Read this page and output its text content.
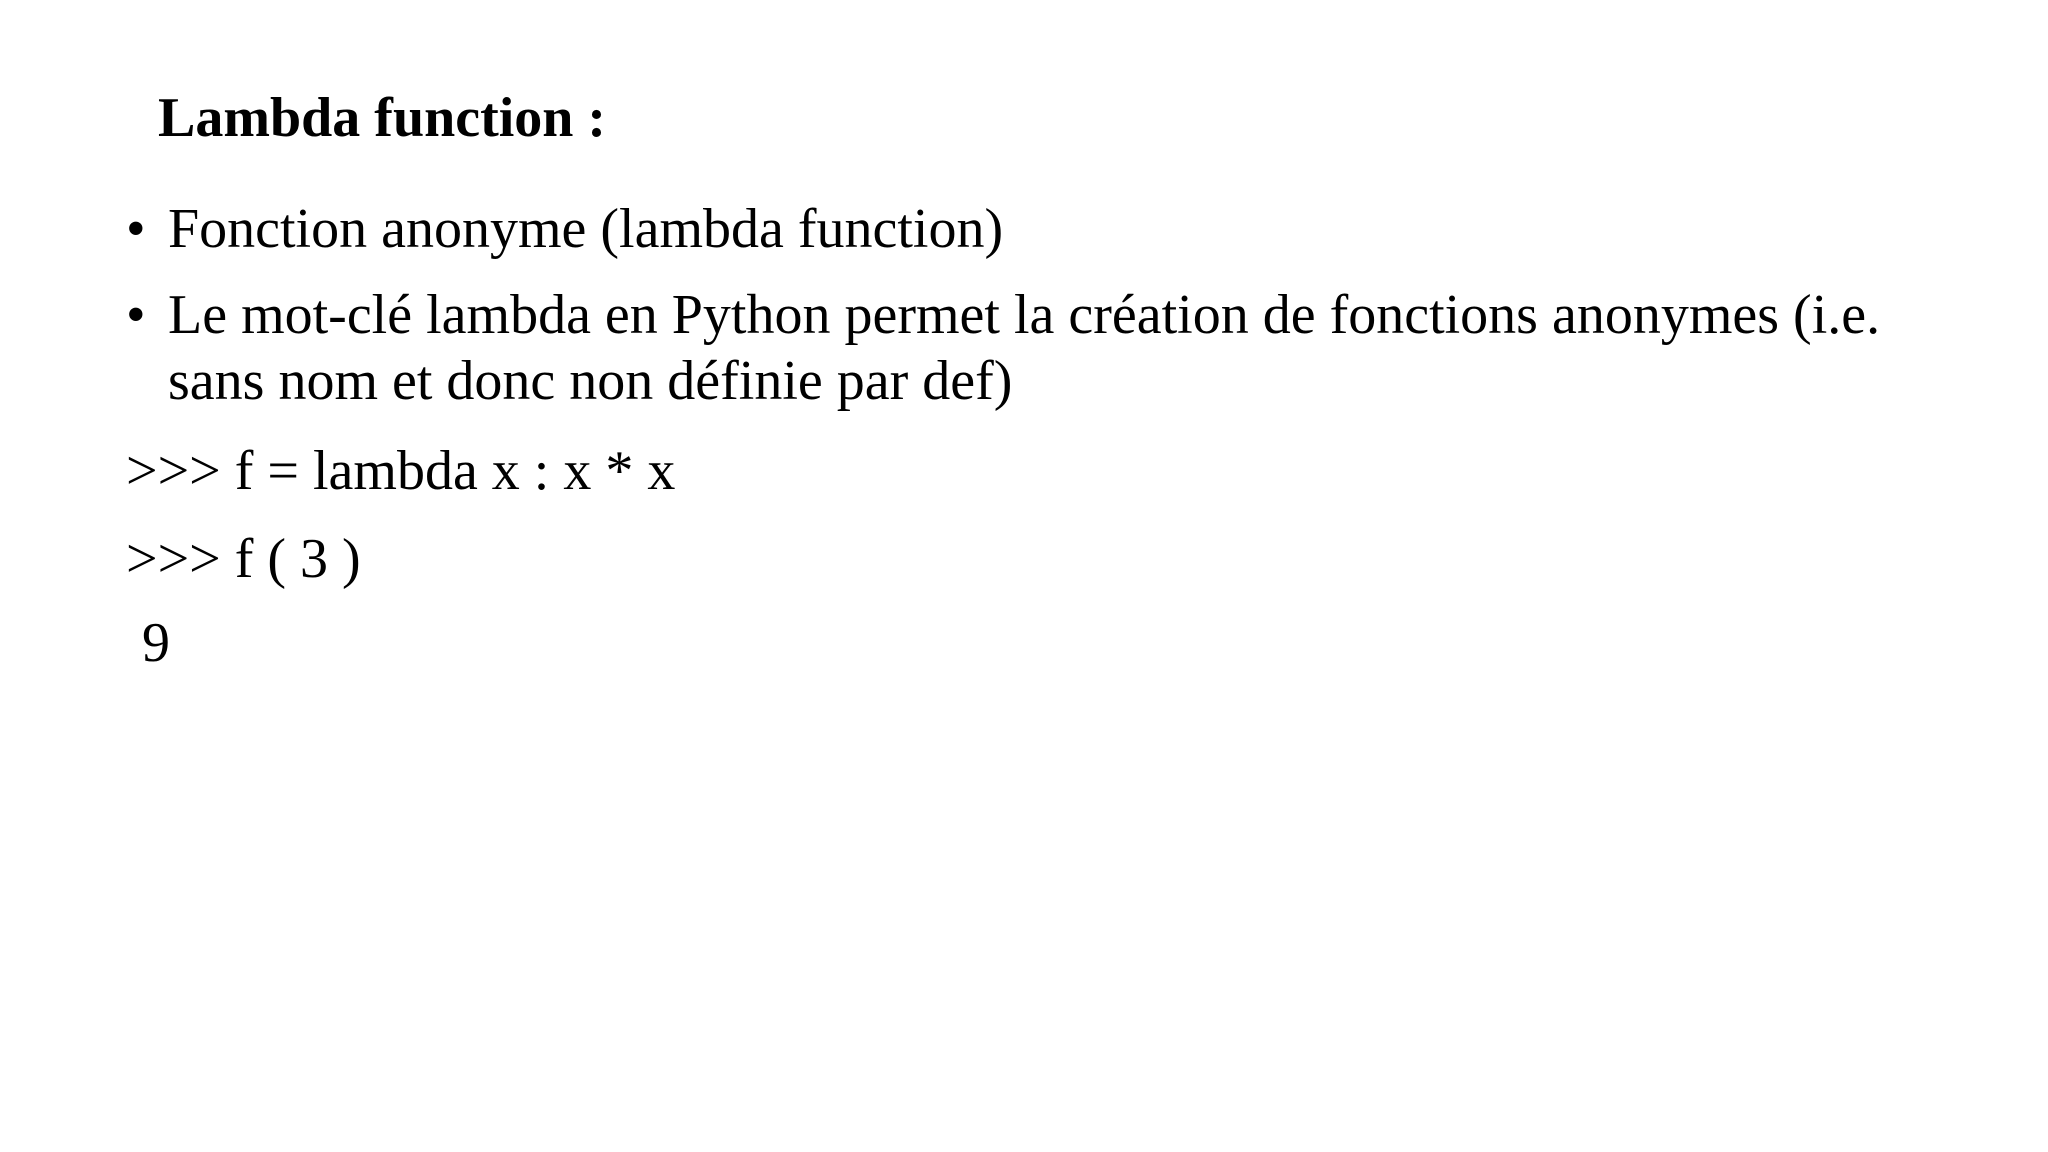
Lambda function :
• Fonction anonyme (lambda function)
• Le mot-clé lambda en Python permet la création de fonctions anonymes (i.e. sans nom et donc non définie par def)
>>> f = lambda x : x * x
>>> f ( 3 )
9
